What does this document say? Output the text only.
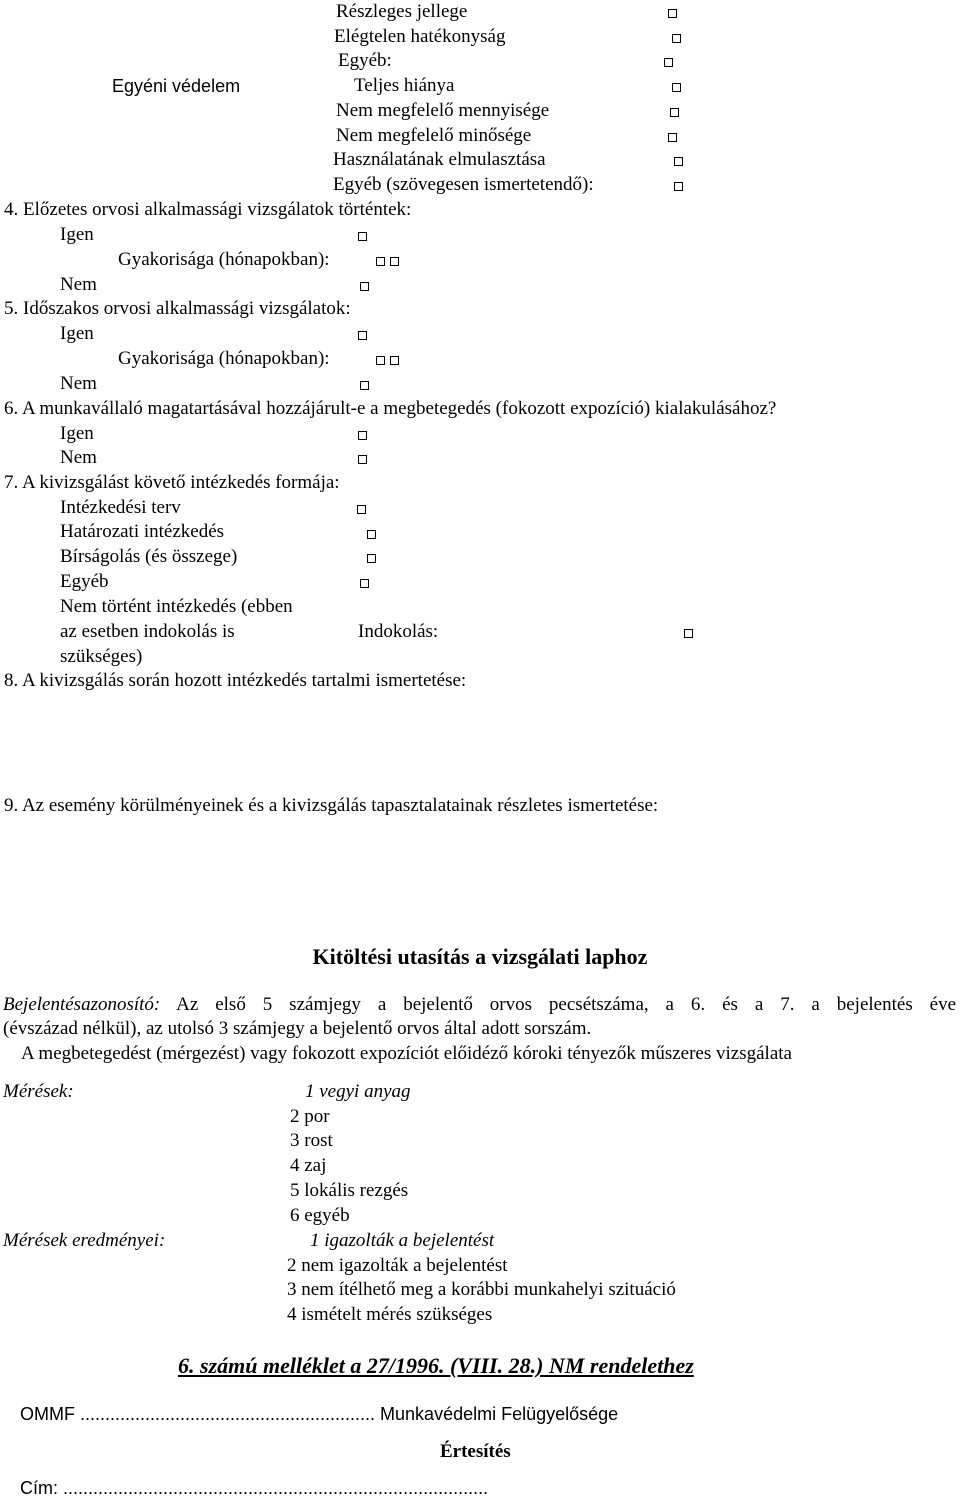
Részleges jellege
Elégtelen hatékonyság
Egyéb:
Egyéni védelem	Teljes hiánya
Nem megfelelő mennyisége
Nem megfelelő minősége
Használatának elmulasztása
Egyéb (szövegesen ismertetendő):
4. Előzetes orvosi alkalmassági vizsgálatok történtek:
Igen
Gyakorisága (hónapokban):
Nem
5. Időszakos orvosi alkalmassági vizsgálatok:
Igen
Gyakorisága (hónapokban):
Nem
6. A munkavállaló magatartásával hozzájárult-e a megbetegedés (fokozott expozíció) kialakulásához?
Igen
Nem
7. A kivizsgálást követő intézkedés formája:
Intézkedési terv
Határozati intézkedés
Bírságolás (és összege)
Egyéb
Nem történt intézkedés (ebben
az esetben indokolás is
szükséges)
Indokolás:
8. A kivizsgálás során hozott intézkedés tartalmi ismertetése:
9. Az esemény körülményeinek és a kivizsgálás tapasztalatainak részletes ismertetése:
Kitöltési utasítás a vizsgálati laphoz
Bejelentésazonosító: Az első 5 számjegy a bejelentő orvos pecsétszáma, a 6. és a 7. a bejelentés éve
(évszázad nélkül), az utolsó 3 számjegy a bejelentő orvos által adott sorszám.
A megbetegedést (mérgezést) vagy fokozott expozíciót előidéző kóroki tényezők műszeres vizsgálata
Mérések:	1 vegyi anyag
2 por
3 rost
4 zaj
5 lokális rezgés
6 egyéb
Mérések eredményei:	1 igazolták a bejelentést
2 nem igazolták a bejelentést
3 nem ítélhető meg a korábbi munkahelyi szituáció
4 ismételt mérés szükséges
6. számú melléklet a 27/1996. (VIII. 28.) NM rendelethez
OMMF ........................................................... Munkavédelmi Felügyelősége
Értesítés
Cím: .....................................................................................
